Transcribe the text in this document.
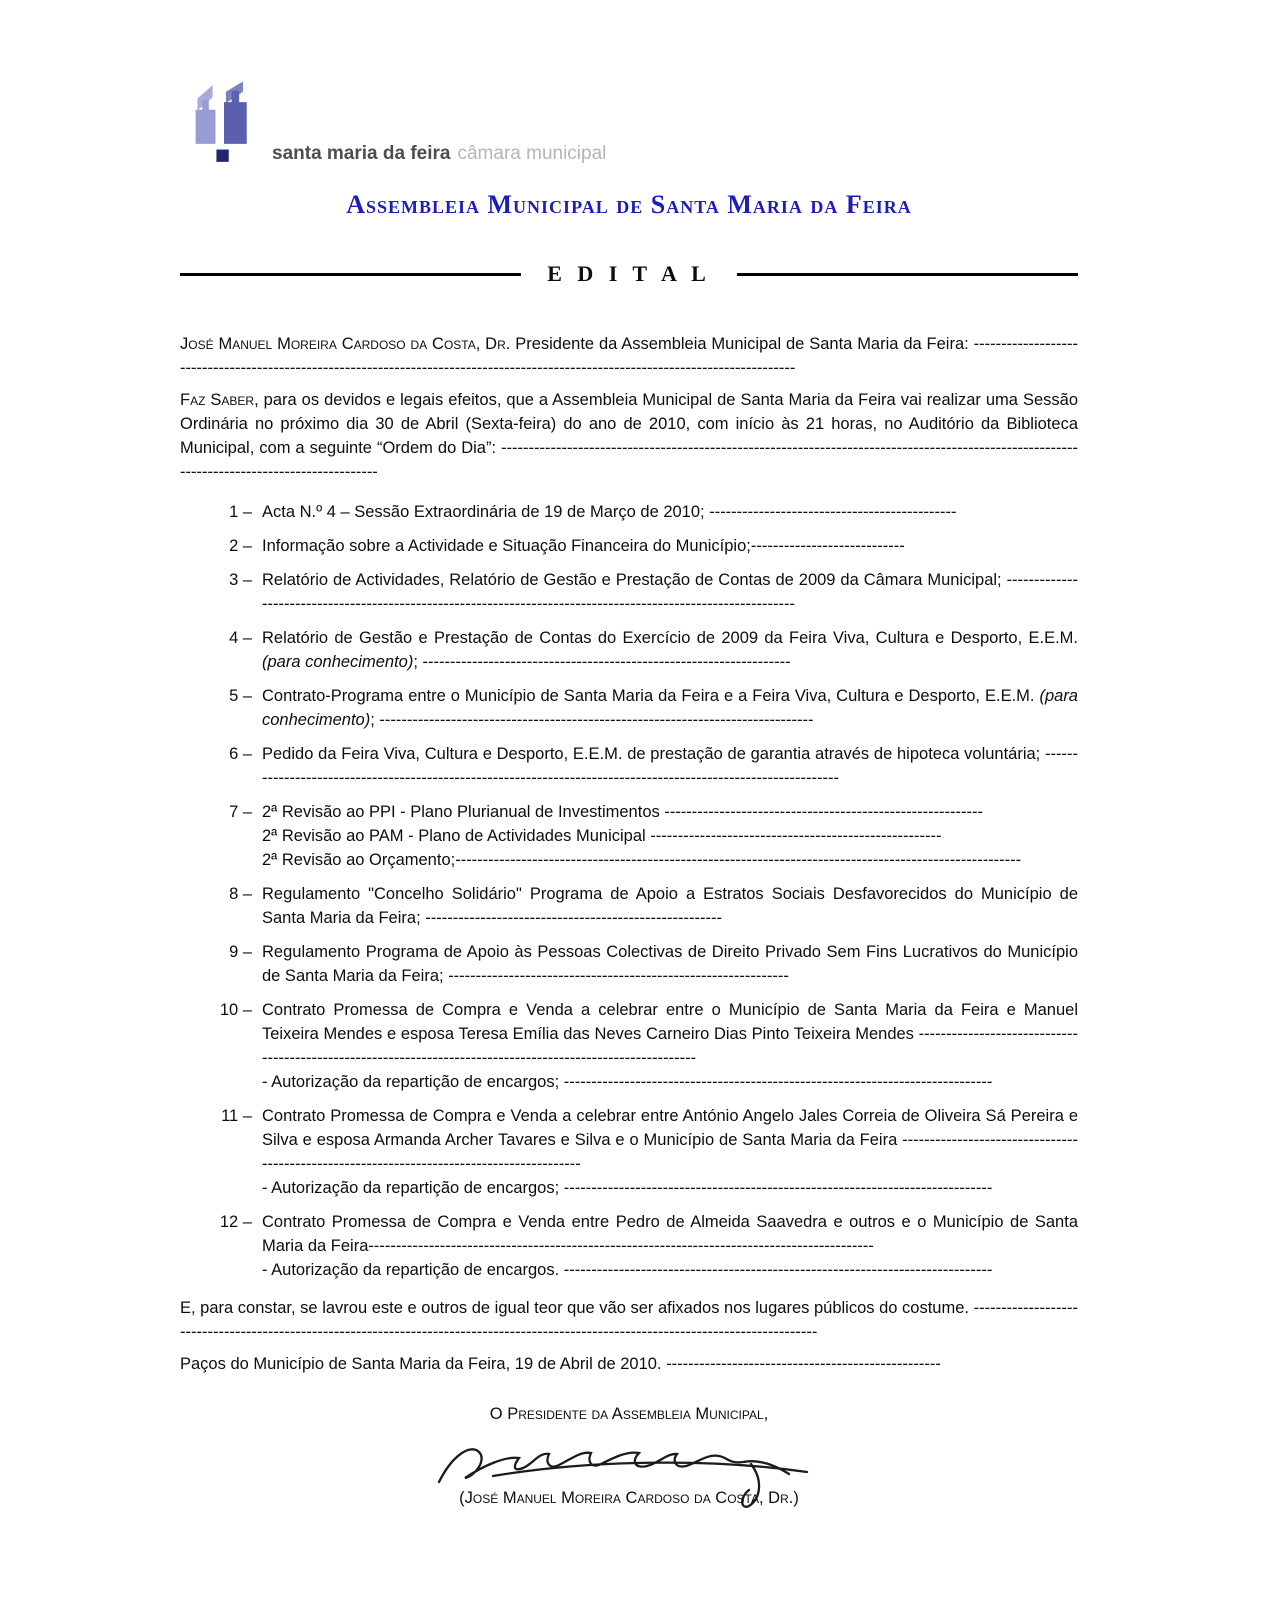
santa maria da feira câmara municipal
Assembleia Municipal de Santa Maria da Feira
E D I T A L

José Manuel Moreira Cardoso da Costa, Dr. Presidente da Assembleia Municipal de Santa Maria da Feira: -----------------------------------------------------------------------------------------------------------------------------------

Faz Saber, para os devidos e legais efeitos, que a Assembleia Municipal de Santa Maria da Feira vai realizar uma Sessão Ordinária no próximo dia 30 de Abril (Sexta-feira) do ano de 2010, com início às 21 horas, no Auditório da Biblioteca Municipal, com a seguinte “Ordem do Dia”: ---------------------------------------------------------------------------------------------------------------------------------------------

1 – Acta N.º 4 – Sessão Extraordinária de 19 de Março de 2010; ---------------------------------------------
2 – Informação sobre a Actividade e Situação Financeira do Município;----------------------------
3 – Relatório de Actividades, Relatório de Gestão e Prestação de Contas de 2009 da Câmara Municipal; --------------------------------------------------------------------------------------------------------------
4 – Relatório de Gestão e Prestação de Contas do Exercício de 2009 da Feira Viva, Cultura e Desporto, E.E.M. (para conhecimento); -------------------------------------------------------------------
5 – Contrato-Programa entre o Município de Santa Maria da Feira e a Feira Viva, Cultura e Desporto, E.E.M. (para conhecimento); -------------------------------------------------------------------------------
6 – Pedido da Feira Viva, Cultura e Desporto, E.E.M. de prestação de garantia através de hipoteca voluntária; ---------------------------------------------------------------------------------------------------------------
7 – 2ª Revisão ao PPI - Plano Plurianual de Investimentos ----------------------------------------------------------
2ª Revisão ao PAM - Plano de Actividades Municipal -----------------------------------------------------
2ª Revisão ao Orçamento;-------------------------------------------------------------------------------------------------------
8 – Regulamento "Concelho Solidário" Programa de Apoio a Estratos Sociais Desfavorecidos do Município de Santa Maria da Feira; ------------------------------------------------------
9 – Regulamento Programa de Apoio às Pessoas Colectivas de Direito Privado Sem Fins Lucrativos do Município de Santa Maria da Feira; --------------------------------------------------------------
10 – Contrato Promessa de Compra e Venda a celebrar entre o Município de Santa Maria da Feira e Manuel Teixeira Mendes e esposa Teresa Emília das Neves Carneiro Dias Pinto Teixeira Mendes ------------------------------------------------------------------------------------------------------------
- Autorização da repartição de encargos; ------------------------------------------------------------------------------
11 – Contrato Promessa de Compra e Venda a celebrar entre António Angelo Jales Correia de Oliveira Sá Pereira e Silva e esposa Armanda Archer Tavares e Silva e o Município de Santa Maria da Feira ------------------------------------------------------------------------------------------
- Autorização da repartição de encargos; ------------------------------------------------------------------------------
12 – Contrato Promessa de Compra e Venda entre Pedro de Almeida Saavedra e outros e o Município de Santa Maria da Feira--------------------------------------------------------------------------------------------
- Autorização da repartição de encargos. ------------------------------------------------------------------------------

E, para constar, se lavrou este e outros de igual teor que vão ser afixados nos lugares públicos do costume. ---------------------------------------------------------------------------------------------------------------------------------------

Paços do Município de Santa Maria da Feira, 19 de Abril de 2010. --------------------------------------------------

O Presidente da Assembleia Municipal,
(José Manuel Moreira Cardoso da Costa, Dr.)
